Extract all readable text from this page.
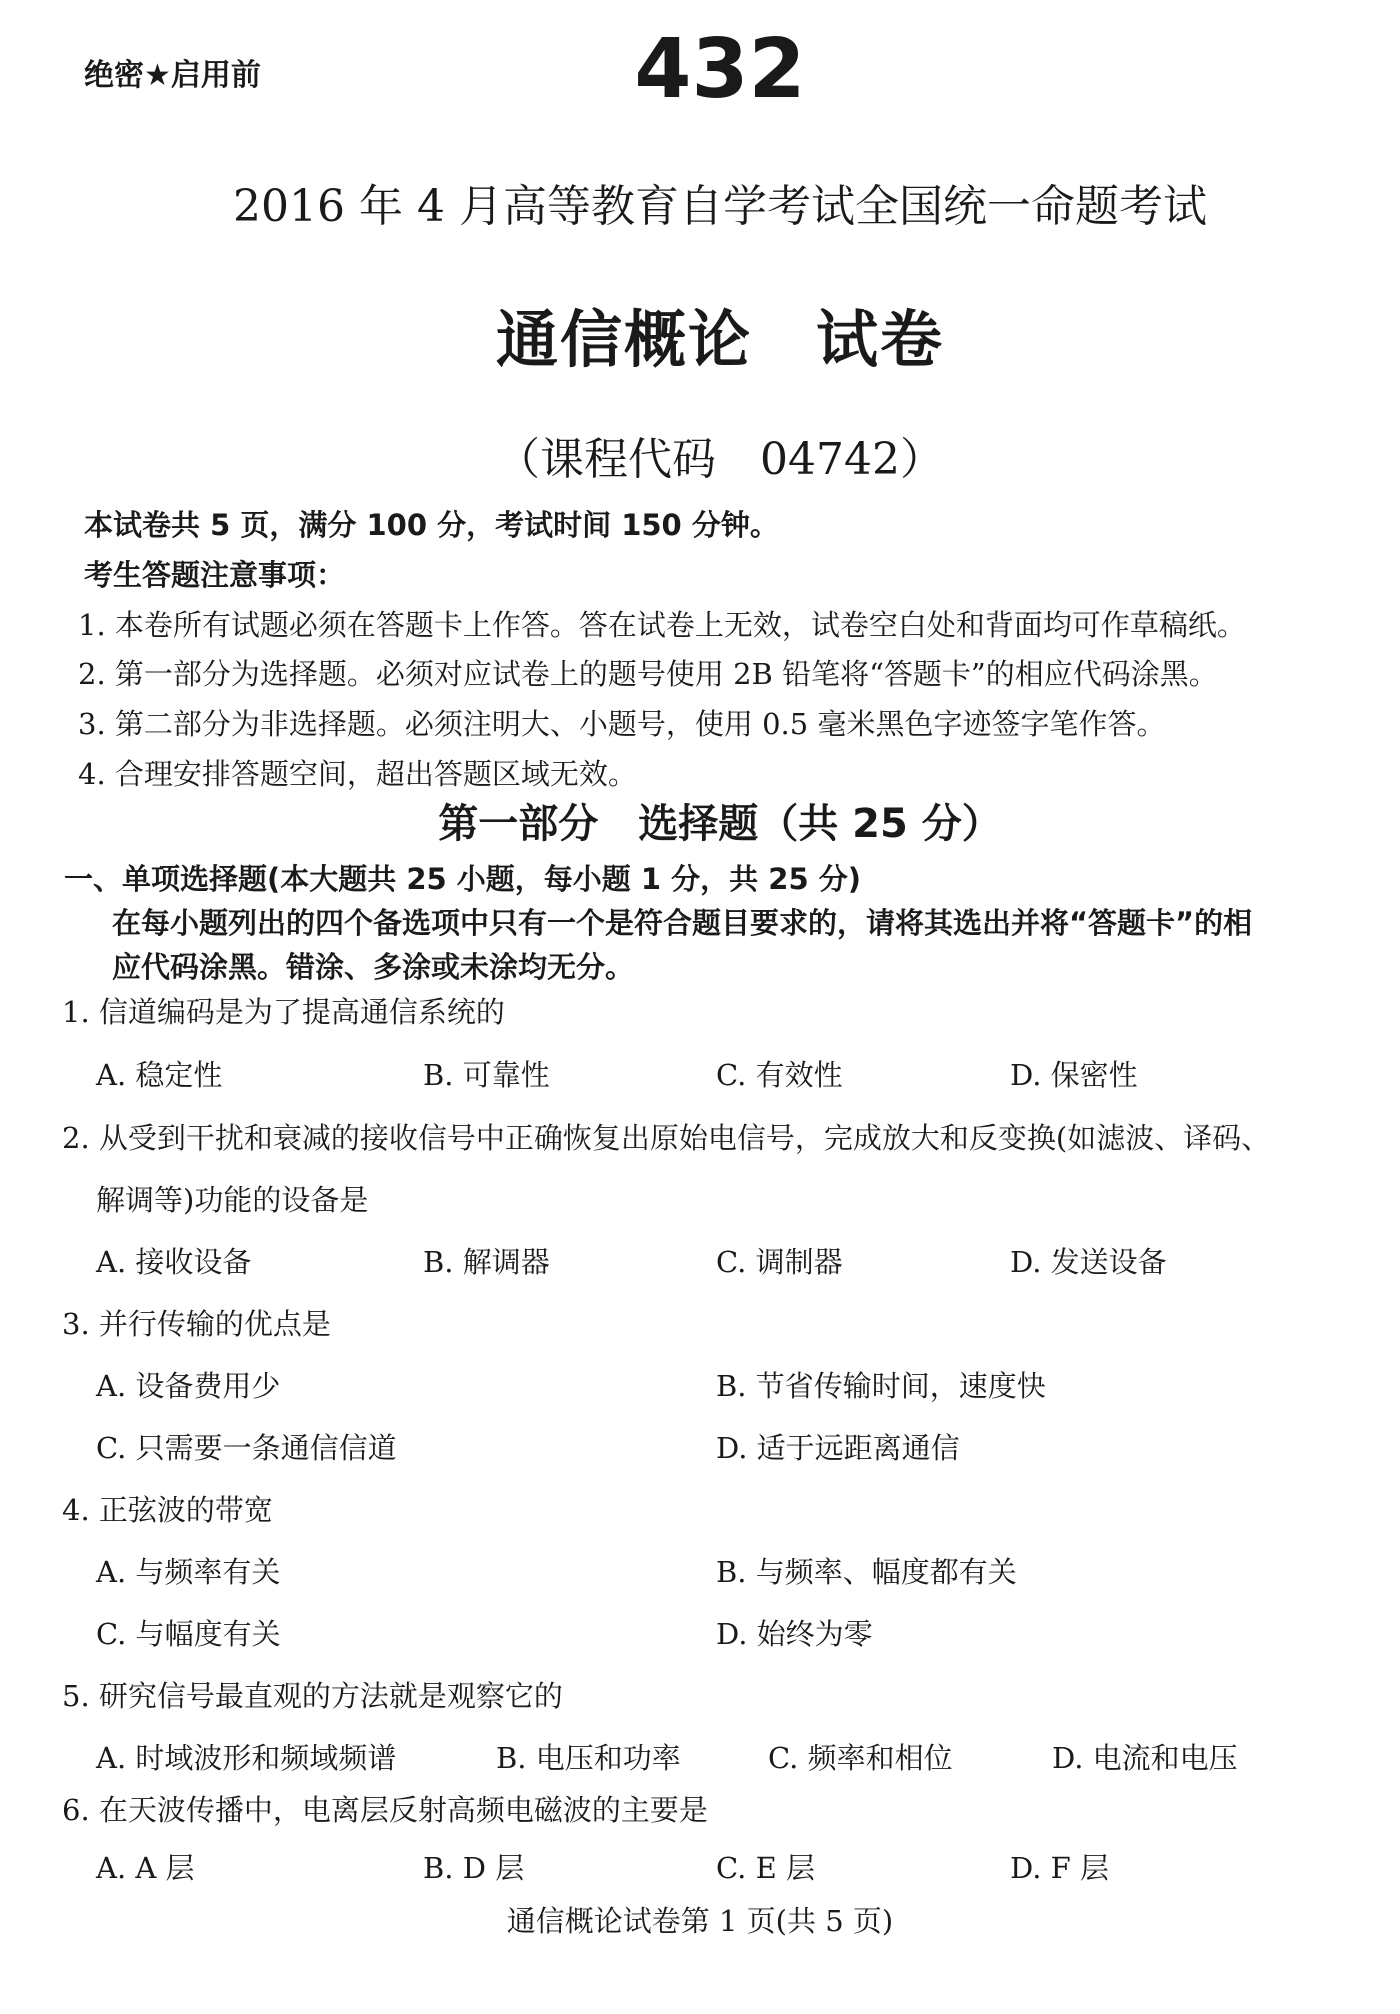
绝密★启用前	432
2016 年 4 月高等教育自学考试全国统一命题考试
通信概论　试卷
（课程代码　04742）
本试卷共 5 页，满分 100 分，考试时间 150 分钟。
考生答题注意事项：
1. 本卷所有试题必须在答题卡上作答。答在试卷上无效，试卷空白处和背面均可作草稿纸。
2. 第一部分为选择题。必须对应试卷上的题号使用 2B 铅笔将“答题卡”的相应代码涂黑。
3. 第二部分为非选择题。必须注明大、小题号，使用 0.5 毫米黑色字迹签字笔作答。
4. 合理安排答题空间，超出答题区域无效。
第一部分　选择题（共 25 分）
一、单项选择题(本大题共 25 小题，每小题 1 分，共 25 分)
在每小题列出的四个备选项中只有一个是符合题目要求的，请将其选出并将“答题卡”的相
应代码涂黑。错涂、多涂或未涂均无分。
1. 信道编码是为了提高通信系统的
A. 稳定性	B. 可靠性	C. 有效性	D. 保密性
2. 从受到干扰和衰减的接收信号中正确恢复出原始电信号，完成放大和反变换(如滤波、译码、
解调等)功能的设备是
A. 接收设备	B. 解调器	C. 调制器	D. 发送设备
3. 并行传输的优点是
A. 设备费用少	B. 节省传输时间，速度快
C. 只需要一条通信信道	D. 适于远距离通信
4. 正弦波的带宽
A. 与频率有关	B. 与频率、幅度都有关
C. 与幅度有关	D. 始终为零
5. 研究信号最直观的方法就是观察它的
A. 时域波形和频域频谱	B. 电压和功率	C. 频率和相位	D. 电流和电压
6. 在天波传播中，电离层反射高频电磁波的主要是
A. A 层	B. D 层	C. E 层	D. F 层
通信概论试卷第 1 页(共 5 页)
